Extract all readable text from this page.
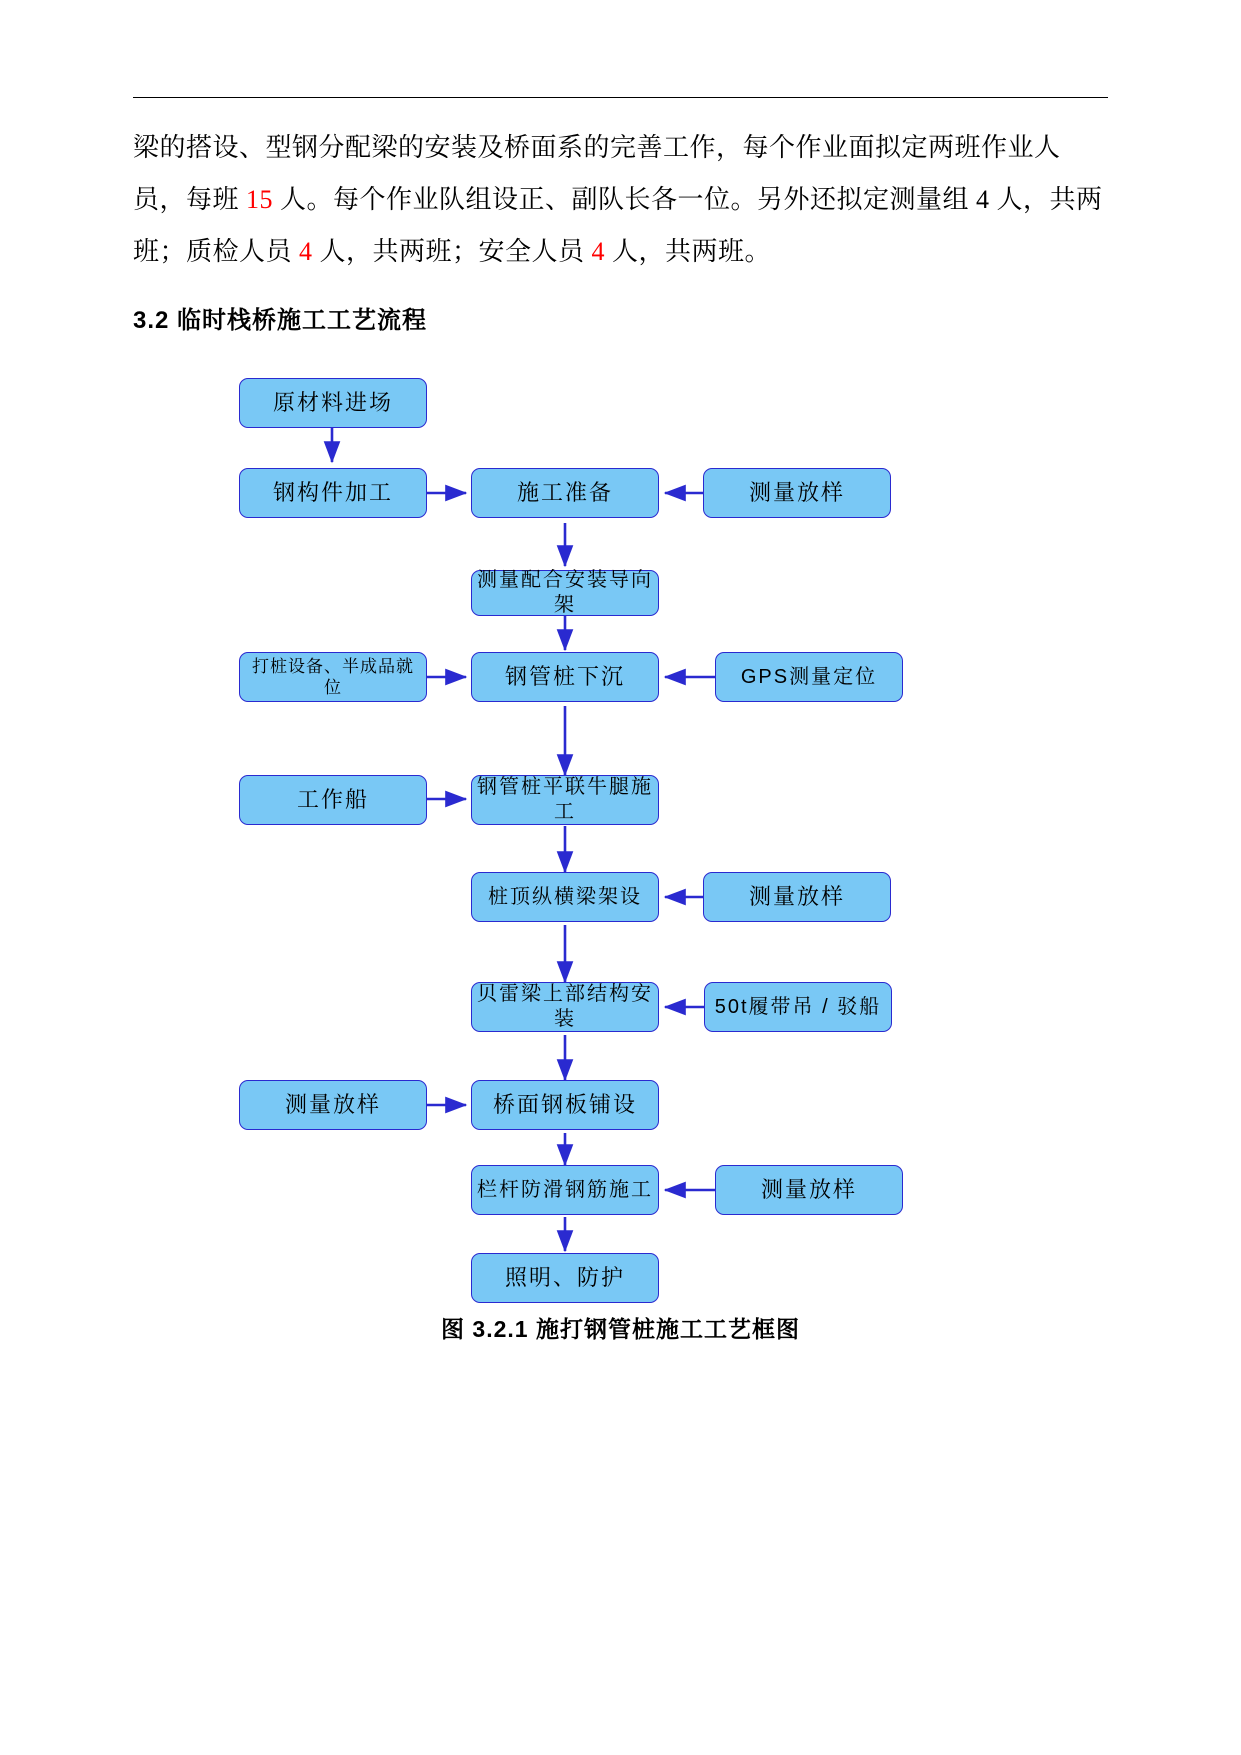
梁的搭设、型钢分配梁的安装及桥面系的完善工作，每个作业面拟定两班作业人员，每班 15 人。每个作业队组设正、副队长各一位。另外还拟定测量组 4 人，共两班；质检人员 4 人，共两班；安全人员 4 人，共两班。
3.2 临时栈桥施工工艺流程
原材料进场
钢构件加工	施工准备	测量放样
测量配合安装导向架
打桩设备、半成品就位	钢管桩下沉	GPS测量定位
工作船
钢管桩平联牛腿施工
桩顶纵横梁架设	测量放样
贝雷梁上部结构安装
50t履带吊 / 驳船
测量放样	桥面钢板铺设
栏杆防滑钢筋施工	测量放样
照明、防护
图 3.2.1 施打钢管桩施工工艺框图
